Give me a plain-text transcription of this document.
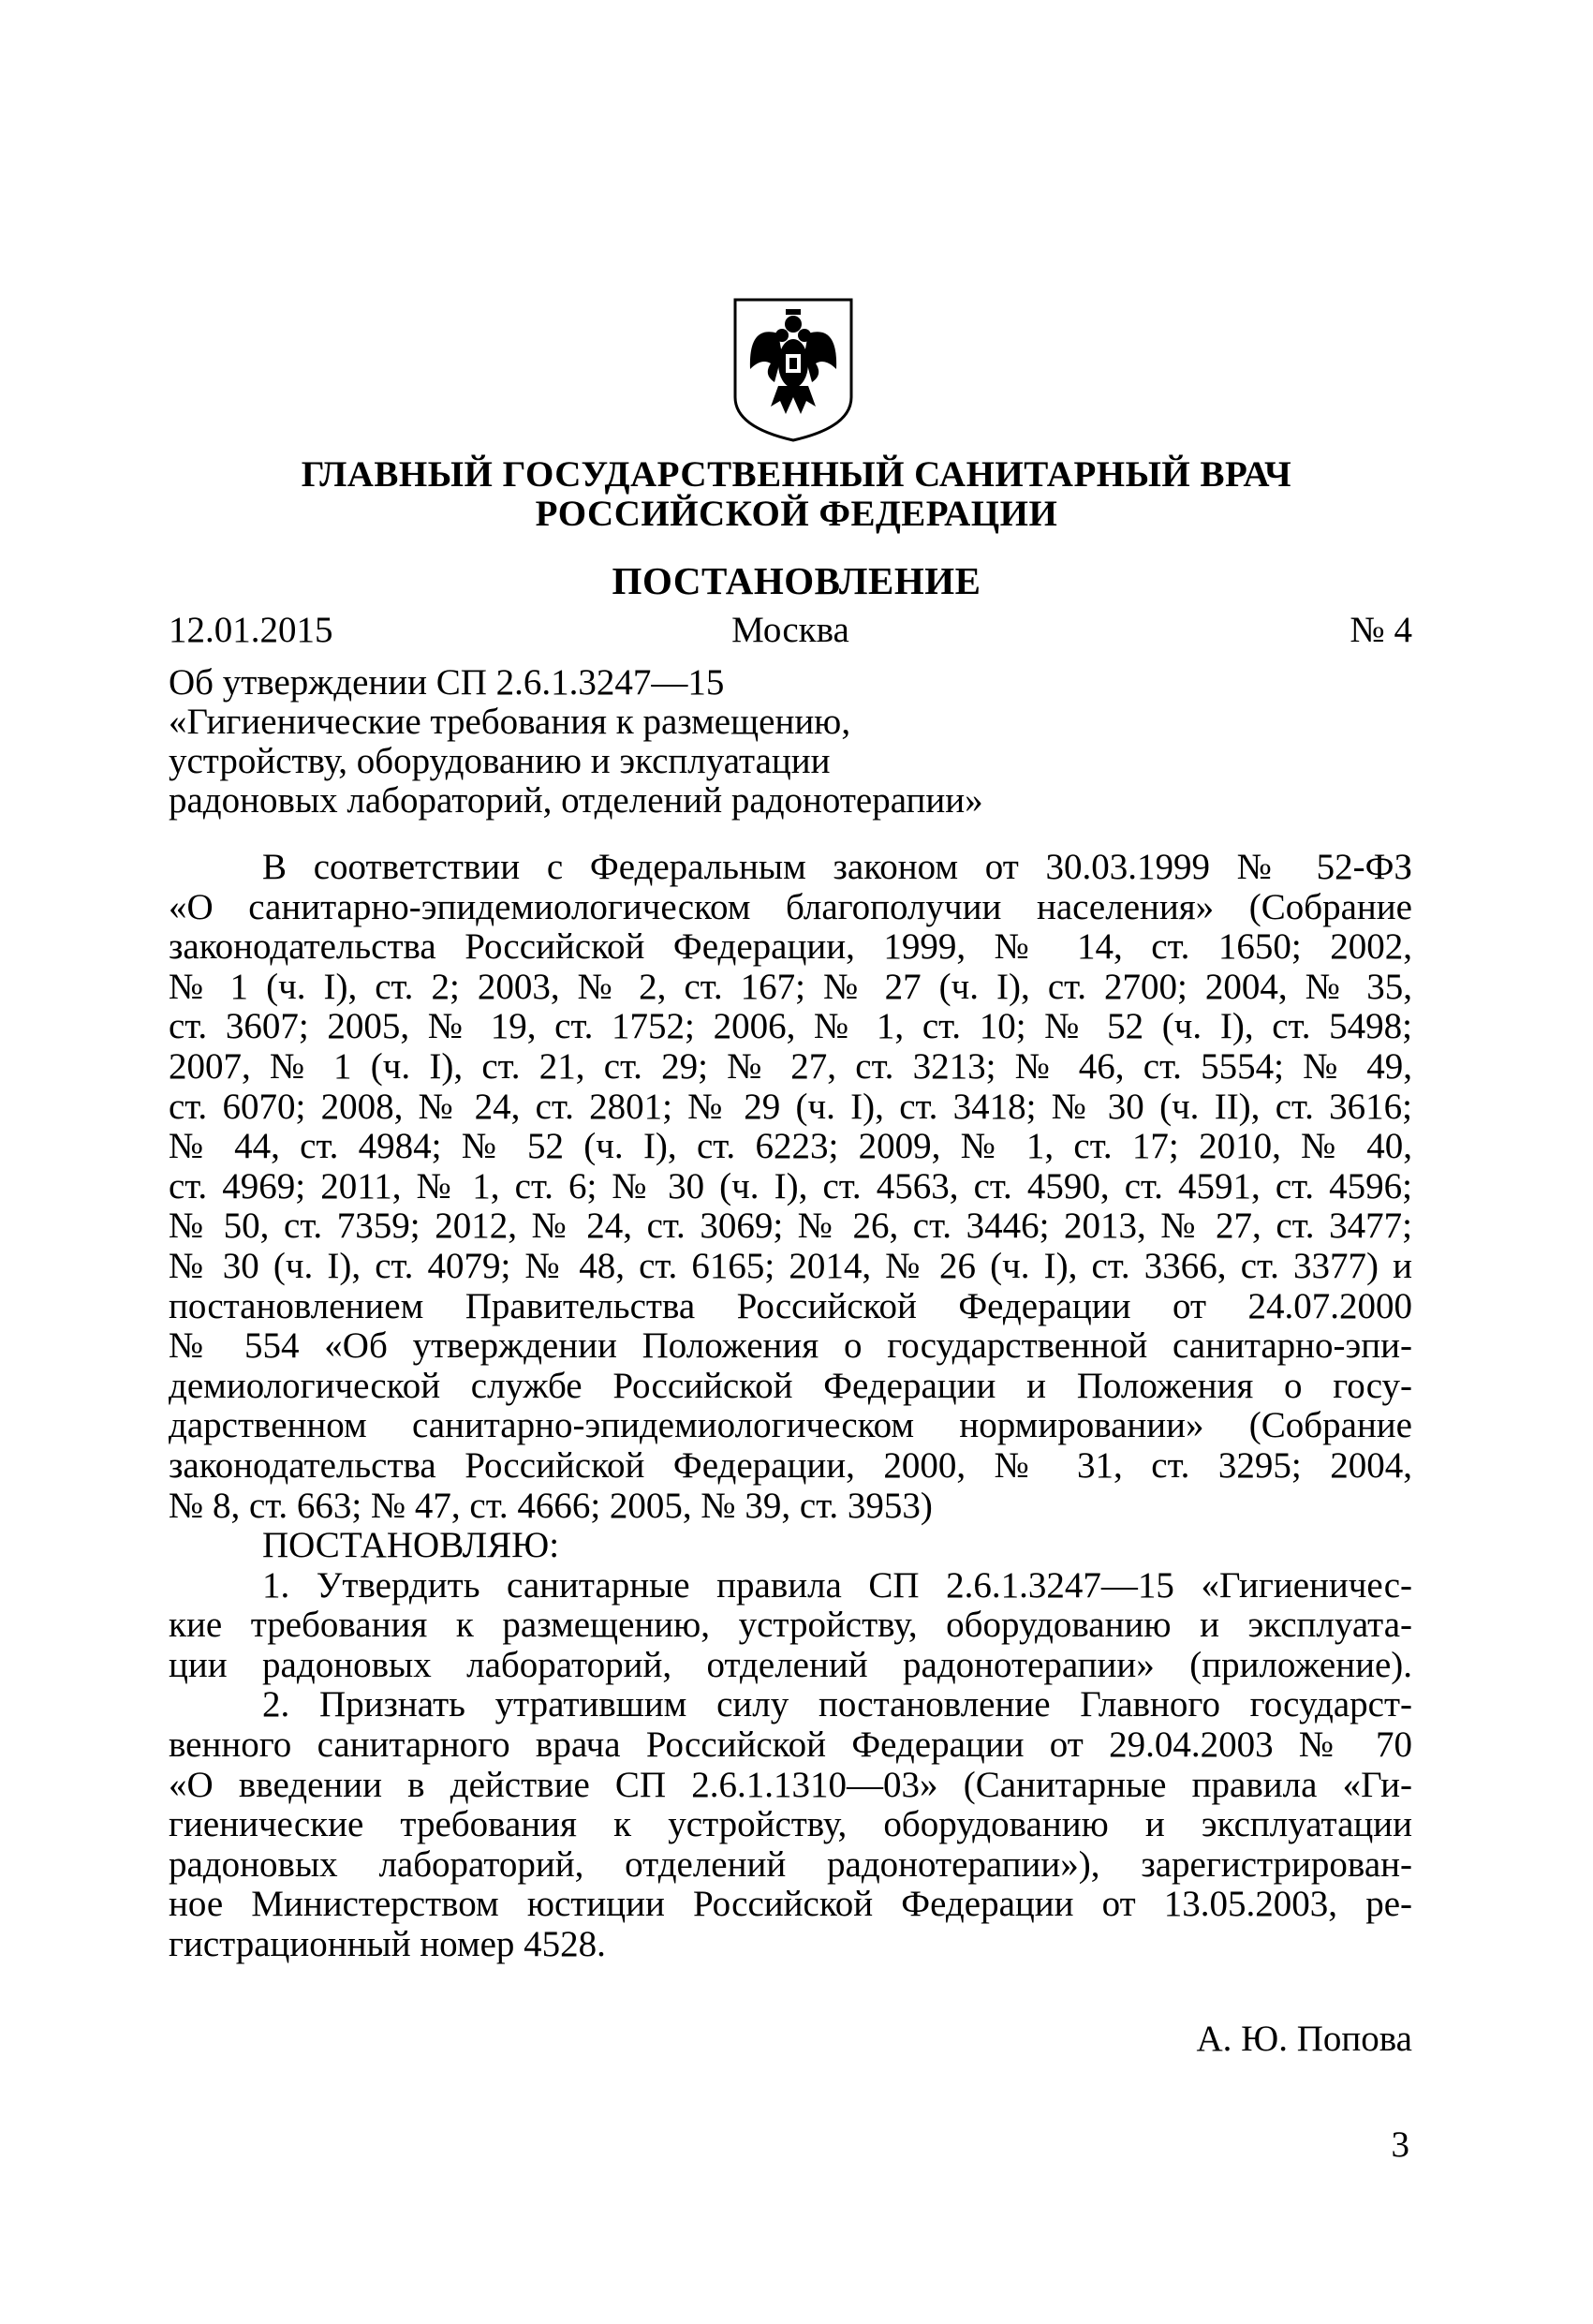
ГЛАВНЫЙ ГОСУДАРСТВЕННЫЙ САНИТАРНЫЙ ВРАЧ
РОССИЙСКОЙ ФЕДЕРАЦИИ
ПОСТАНОВЛЕНИЕ
12.01.2015	Москва	№ 4
Об утверждении СП 2.6.1.3247—15
«Гигиенические требования к размещению,
устройству, оборудованию и эксплуатации
радоновых лабораторий, отделений радонотерапии»
В соответствии с Федеральным законом от 30.03.1999 № 52-ФЗ
«О санитарно-эпидемиологическом благополучии населения» (Собрание
законодательства Российской Федерации, 1999, № 14, ст. 1650; 2002,
№ 1 (ч. I), ст. 2; 2003, № 2, ст. 167; № 27 (ч. I), ст. 2700; 2004, № 35,
ст. 3607; 2005, № 19, ст. 1752; 2006, № 1, ст. 10; № 52 (ч. I), ст. 5498;
2007, № 1 (ч. I), ст. 21, ст. 29; № 27, ст. 3213; № 46, ст. 5554; № 49,
ст. 6070; 2008, № 24, ст. 2801; № 29 (ч. I), ст. 3418; № 30 (ч. II), ст. 3616;
№ 44, ст. 4984; № 52 (ч. I), ст. 6223; 2009, № 1, ст. 17; 2010, № 40,
ст. 4969; 2011, № 1, ст. 6; № 30 (ч. I), ст. 4563, ст. 4590, ст. 4591, ст. 4596;
№ 50, ст. 7359; 2012, № 24, ст. 3069; № 26, ст. 3446; 2013, № 27, ст. 3477;
№ 30 (ч. I), ст. 4079; № 48, ст. 6165; 2014, № 26 (ч. I), ст. 3366, ст. 3377) и
постановлением Правительства Российской Федерации от 24.07.2000
№ 554 «Об утверждении Положения о государственной санитарно-эпи-
демиологической службе Российской Федерации и Положения о госу-
дарственном санитарно-эпидемиологическом нормировании» (Собрание
законодательства Российской Федерации, 2000, № 31, ст. 3295; 2004,
№ 8, ст. 663; № 47, ст. 4666; 2005, № 39, ст. 3953)
ПОСТАНОВЛЯЮ:
1. Утвердить санитарные правила СП 2.6.1.3247—15 «Гигиеничес-
кие требования к размещению, устройству, оборудованию и эксплуата-
ции радоновых лабораторий, отделений радонотерапии» (приложение).
2. Признать утратившим силу постановление Главного государст-
венного санитарного врача Российской Федерации от 29.04.2003 № 70
«О введении в действие СП 2.6.1.1310—03» (Санитарные правила «Ги-
гиенические требования к устройству, оборудованию и эксплуатации
радоновых лабораторий, отделений радонотерапии»), зарегистрирован-
ное Министерством юстиции Российской Федерации от 13.05.2003, ре-
гистрационный номер 4528.
А. Ю. Попова
3
